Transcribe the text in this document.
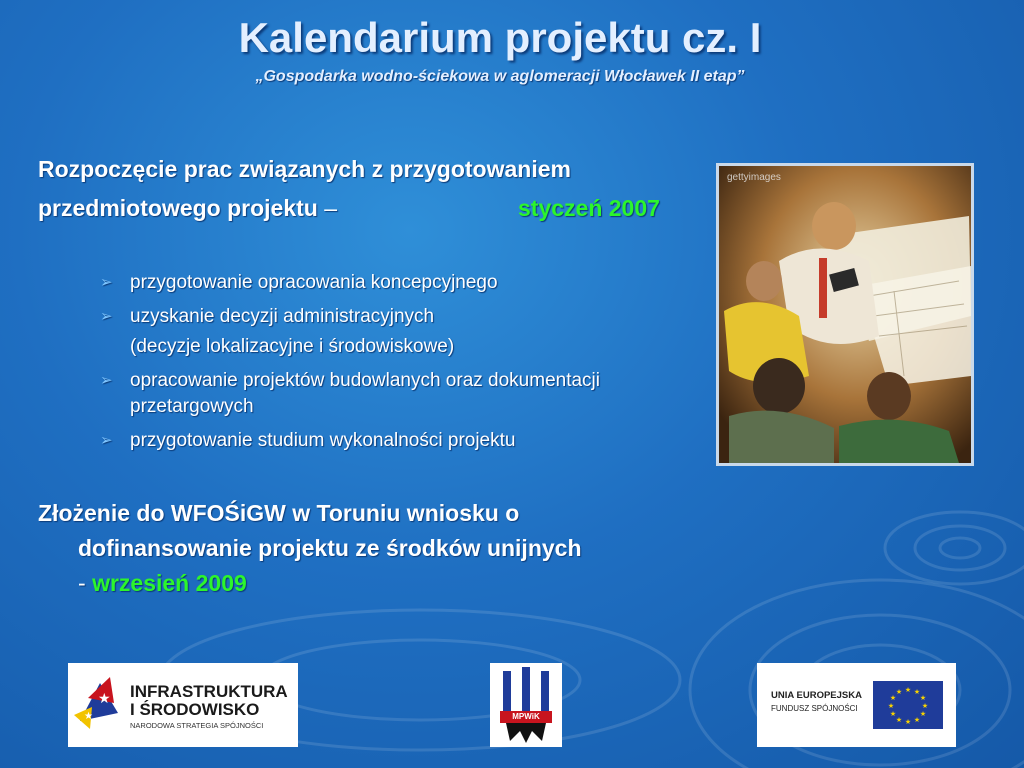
Kalendarium projektu cz. I
„Gospodarka wodno-ściekowa w aglomeracji Włocławek II etap”
Rozpoczęcie prac związanych z przygotowaniem
przedmiotowego projektu –	styczeń 2007
➢ przygotowanie opracowania koncepcyjnego
➢ uzyskanie decyzji administracyjnych
(decyzje lokalizacyjne i środowiskowe)
➢ opracowanie projektów budowlanych oraz dokumentacji przetargowych
➢ przygotowanie studium wykonalności projektu
Złożenie do WFOŚiGW w Toruniu wniosku o
dofinansowanie projektu ze środków unijnych
- wrzesień 2009
gettyimages
★
★
INFRASTRUKTURA
I ŚRODOWISKO
NARODOWA STRATEGIA SPÓJNOŚCI
MPWiK
UNIA EUROPEJSKA
FUNDUSZ SPÓJNOŚCI
★ ★
★
★
★
★
★
★
★
★
★
★
